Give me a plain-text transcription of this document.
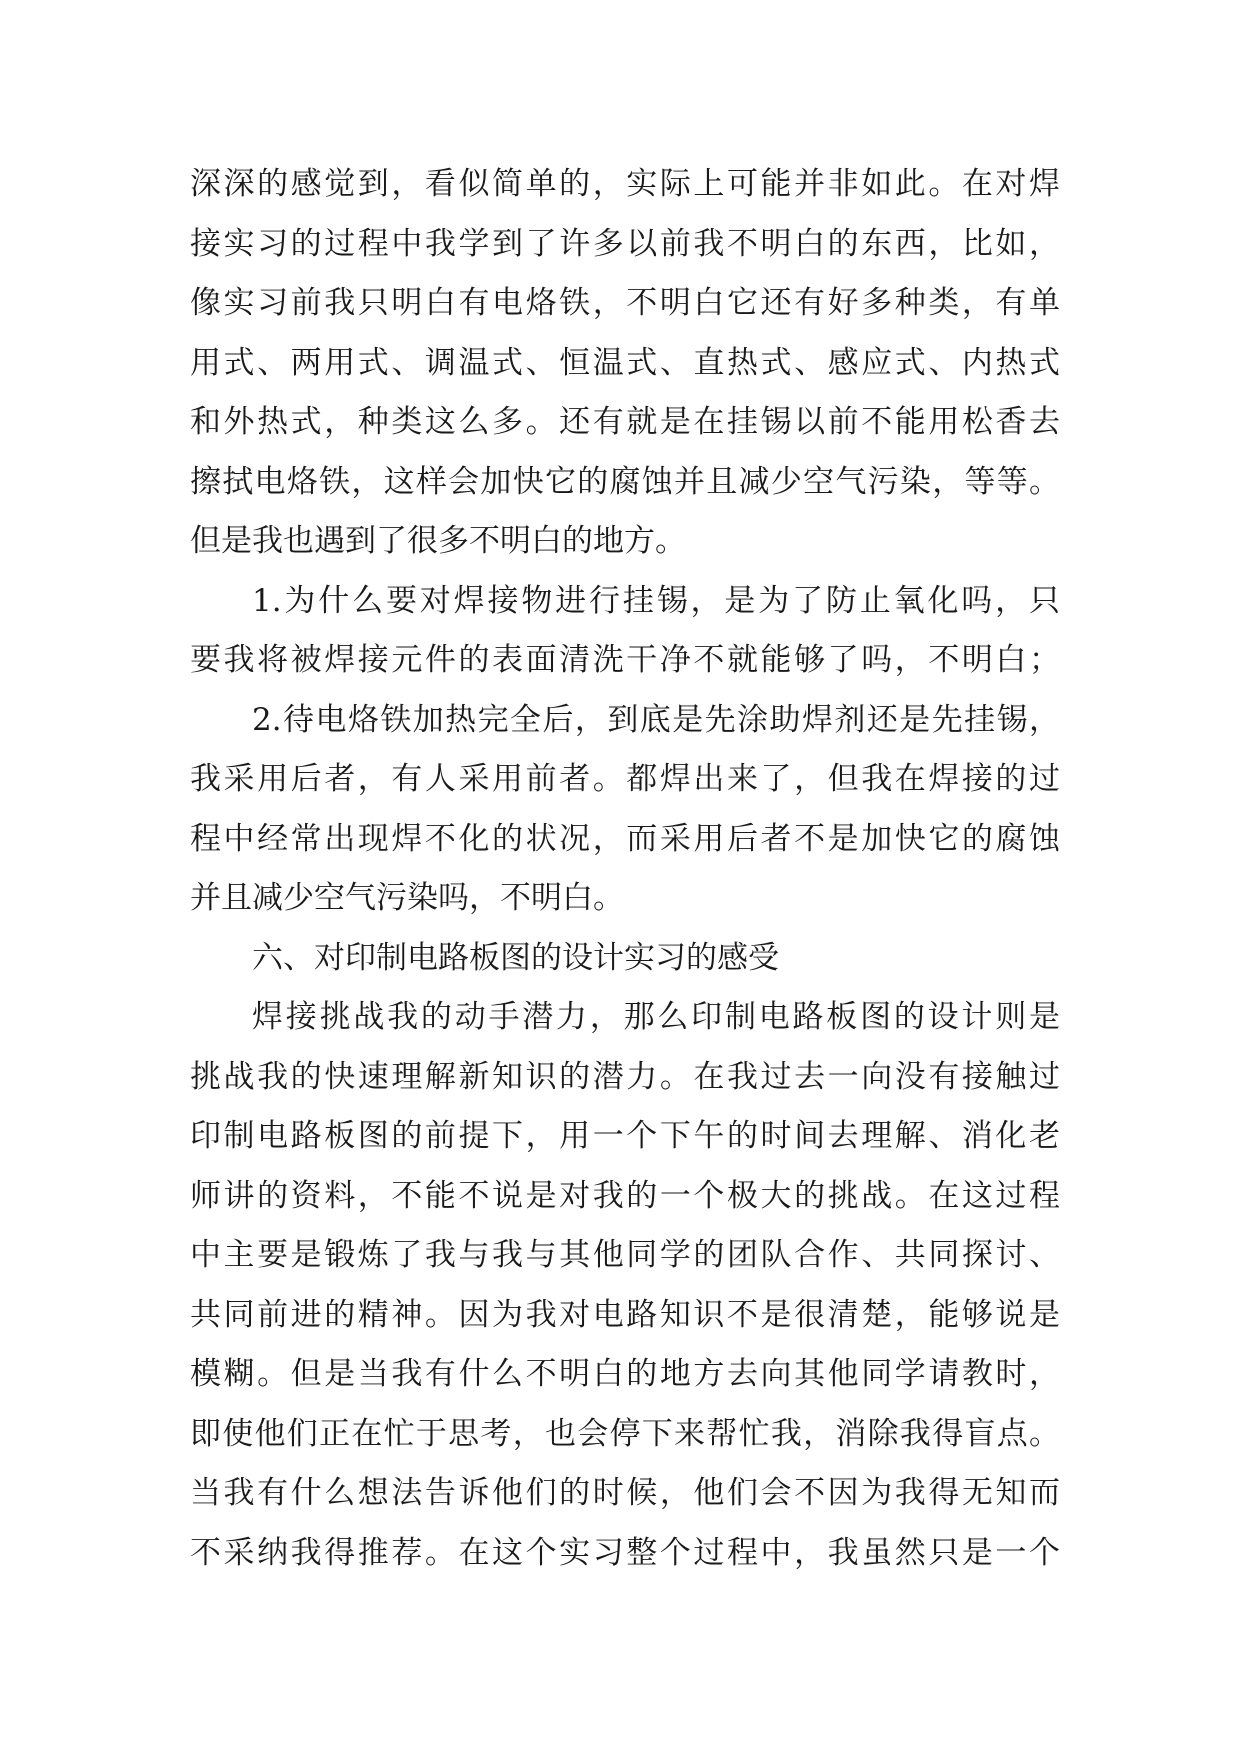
深深的感觉到，看似简单的，实际上可能并非如此。在对焊
接实习的过程中我学到了许多以前我不明白的东西，比如，
像实习前我只明白有电烙铁，不明白它还有好多种类，有单
用式、两用式、调温式、恒温式、直热式、感应式、内热式
和外热式，种类这么多。还有就是在挂锡以前不能用松香去
擦拭电烙铁，这样会加快它的腐蚀并且减少空气污染，等等。
但是我也遇到了很多不明白的地方。
1.为什么要对焊接物进行挂锡，是为了防止氧化吗，只
要我将被焊接元件的表面清洗干净不就能够了吗，不明白；
2.待电烙铁加热完全后，到底是先涂助焊剂还是先挂锡，
我采用后者，有人采用前者。都焊出来了，但我在焊接的过
程中经常出现焊不化的状况，而采用后者不是加快它的腐蚀
并且减少空气污染吗，不明白。
六、对印制电路板图的设计实习的感受
焊接挑战我的动手潜力，那么印制电路板图的设计则是
挑战我的快速理解新知识的潜力。在我过去一向没有接触过
印制电路板图的前提下，用一个下午的时间去理解、消化老
师讲的资料，不能不说是对我的一个极大的挑战。在这过程
中主要是锻炼了我与我与其他同学的团队合作、共同探讨、
共同前进的精神。因为我对电路知识不是很清楚，能够说是
模糊。但是当我有什么不明白的地方去向其他同学请教时，
即使他们正在忙于思考，也会停下来帮忙我，消除我得盲点。
当我有什么想法告诉他们的时候，他们会不因为我得无知而
不采纳我得推荐。在这个实习整个过程中，我虽然只是一个
